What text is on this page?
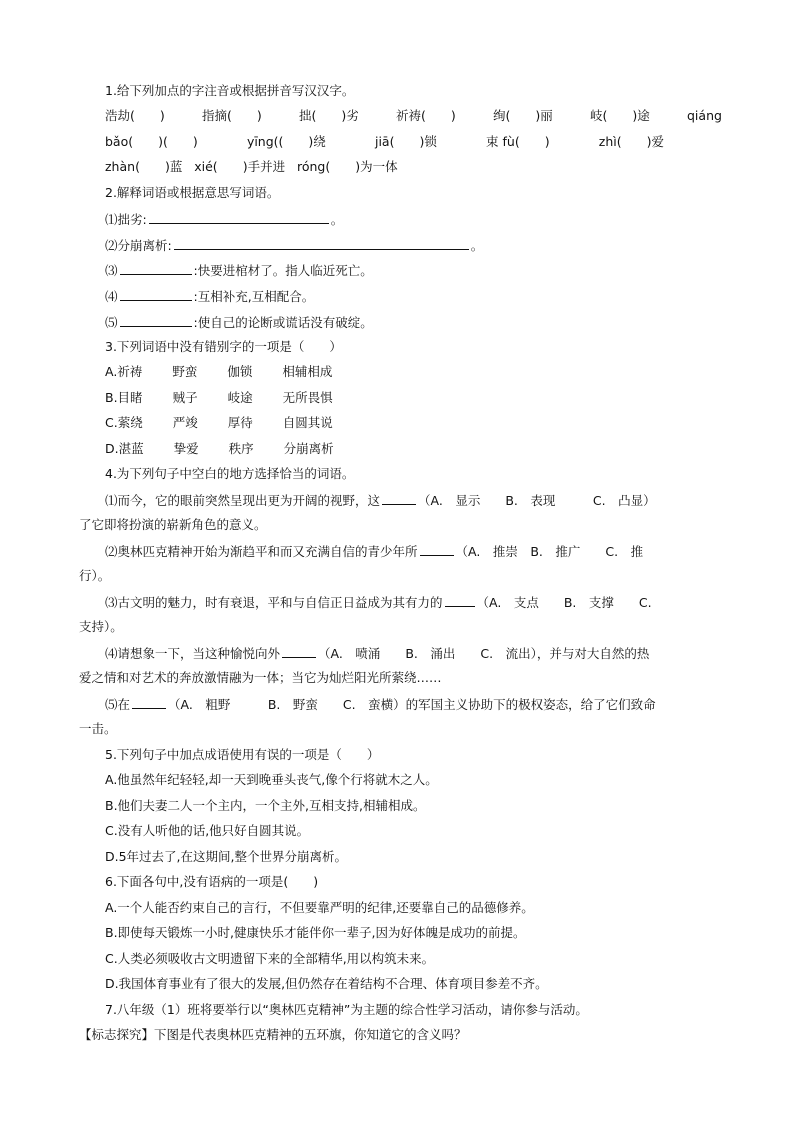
1.给下列加点的字注音或根据拼音写汉汉字。
浩劫(　　)	指摘(　　)	拙(　　)劣	祈祷(　　)	绚(　　)丽	岐(　　)途	qiáng
bǎo(　　)(　　)	yīng((　　)绕	jiā(　　)锁	束 fù(　　)	zhì(　　)爱
zhàn(　　)蓝 xié(　　)手并进 róng(　　)为一体
2.解释词语或根据意思写词语。
⑴拙劣:	。
⑵分崩离析:	。
⑶	:快要进棺材了。指人临近死亡。
⑷	:互相补充,互相配合。
⑸	:使自己的论断或谎话没有破绽。
3.下列词语中没有错别字的一项是（　　）
A.祈祷 野蛮 伽锁 相辅相成
B.目睹 贼子 岐途 无所畏惧
C.萦绕 严竣 厚待 自圆其说
D.湛蓝 挚爱 秩序 分崩离析
4.为下列句子中空白的地方选择恰当的词语。
⑴而今，它的眼前突然呈现出更为开阔的视野，这	（A.　显示　　B.　表现　　　C.　凸显）
了它即将扮演的崭新角色的意义。
⑵奥林匹克精神开始为渐趋平和而又充满自信的青少年所	（A.　推崇　B.　推广　　C.　推
行）。
⑶古文明的魅力，时有衰退，平和与自信正日益成为其有力的	（A.　支点　　B.　支撑　　C.
支持）。
⑷请想象一下，当这种愉悦向外	（A.　喷涌　　B.　涌出　　C.　流出），并与对大自然的热
爱之情和对艺术的奔放激情融为一体；当它为灿烂阳光所萦绕……
⑸在	（A.　粗野　　　B.　野蛮　　C.　蛮横）的军国主义协助下的极权姿态，给了它们致命
一击。
5.下列句子中加点成语使用有误的一项是（　　）
A.他虽然年纪轻轻,却一天到晚垂头丧气,像个行将就木之人。
B.他们夫妻二人一个主内，一个主外,互相支持,相辅相成。
C.没有人听他的话,他只好自圆其说。
D.5年过去了,在这期间,整个世界分崩离析。
6.下面各句中,没有语病的一项是(　　)
A.一个人能否约束自己的言行，不但要靠严明的纪律,还要靠自己的品德修养。
B.即使每天锻炼一小时,健康快乐才能伴你一辈子,因为好体魄是成功的前提。
C.人类必须吸收古文明遗留下来的全部精华,用以构筑未来。
D.我国体育事业有了很大的发展,但仍然存在着结构不合理、体育项目参差不齐。
7.八年级（1）班将要举行以“奥林匹克精神”为主题的综合性学习活动，请你参与活动。
【标志探究】下图是代表奥林匹克精神的五环旗，你知道它的含义吗？
